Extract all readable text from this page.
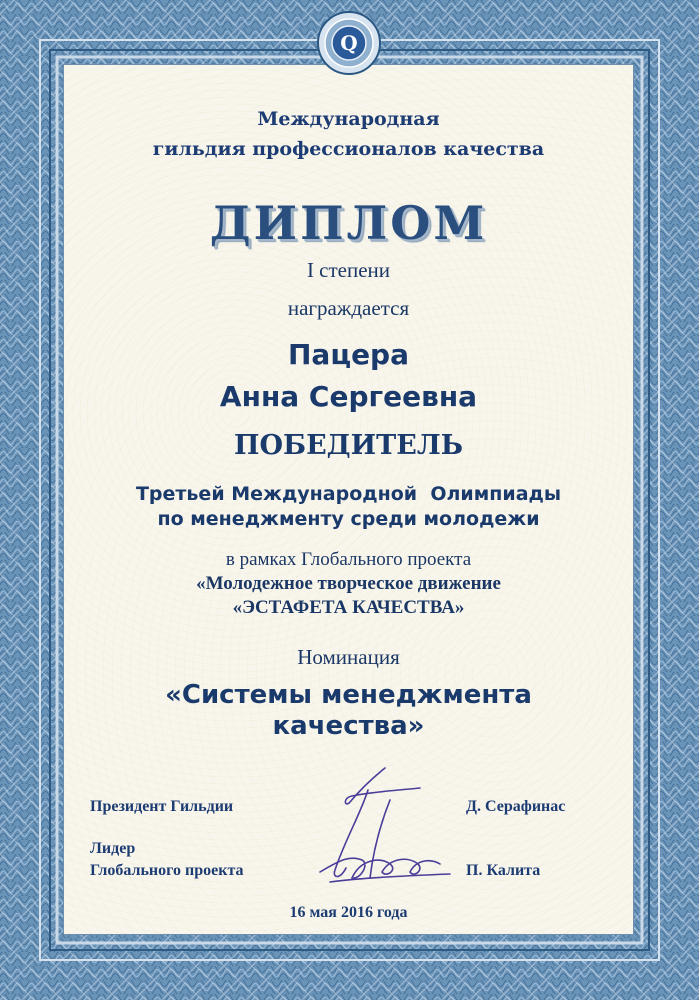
Q
Международная
гильдия профессионалов качества
ДИПЛОМ
I степени
награждается
Пацера
Анна Сергеевна
ПОБЕДИТЕЛЬ
Третьей Международной  Олимпиады
по менеджменту среди молодежи
в рамках Глобального проекта
«Молодежное творческое движение
«ЭСТАФЕТА КАЧЕСТВА»
Номинация
«Системы менеджмента
качества»
Президент Гильдии	Д. Серафинас
Лидер
Глобального проекта	П. Калита
16 мая 2016 года
